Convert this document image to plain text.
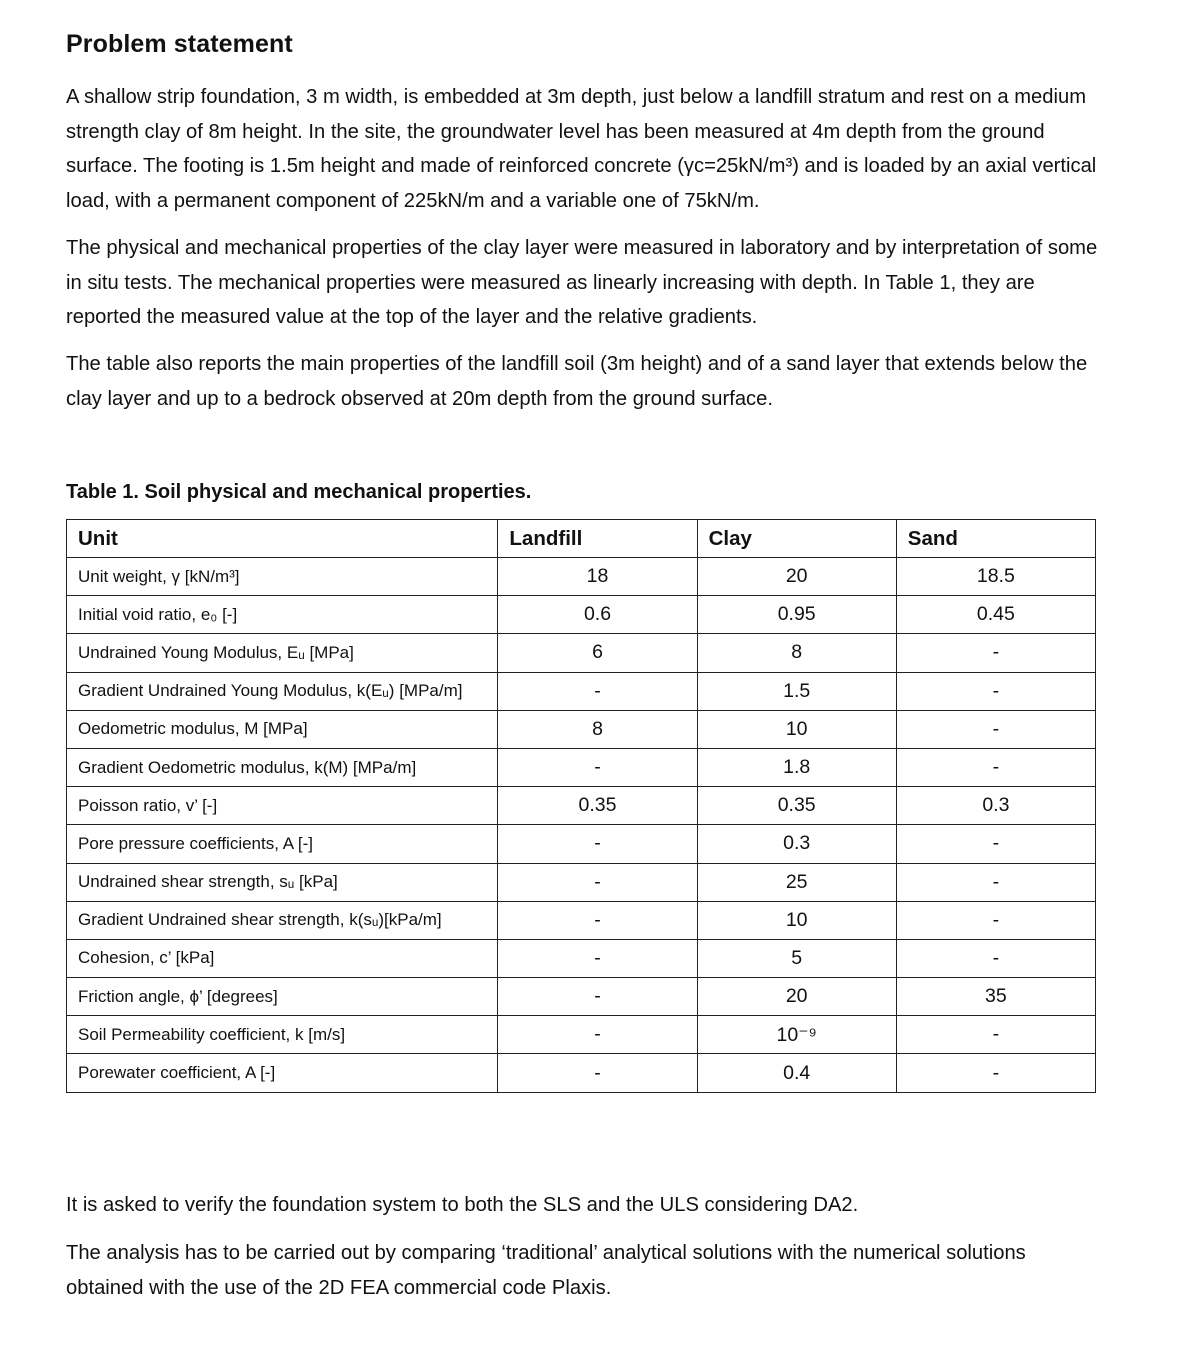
Problem statement

A shallow strip foundation, 3 m width, is embedded at 3m depth, just below a landfill stratum and rest on a medium strength clay of 8m height. In the site, the groundwater level has been measured at 4m depth from the ground surface. The footing is 1.5m height and made of reinforced concrete (γc=25kN/m³) and is loaded by an axial vertical load, with a permanent component of 225kN/m and a variable one of 75kN/m.

The physical and mechanical properties of the clay layer were measured in laboratory and by interpretation of some in situ tests. The mechanical properties were measured as linearly increasing with depth. In Table 1, they are reported the measured value at the top of the layer and the relative gradients.

The table also reports the main properties of the landfill soil (3m height) and of a sand layer that extends below the clay layer and up to a bedrock observed at 20m depth from the ground surface.

Table 1. Soil physical and mechanical properties.

Unit	Landfill	Clay	Sand
Unit weight, γ [kN/m³]	18	20	18.5
Initial void ratio, e₀ [-]	0.6	0.95	0.45
Undrained Young Modulus, Eᵤ [MPa]	6	8	-
Gradient Undrained Young Modulus, k(Eᵤ) [MPa/m]	-	1.5	-
Oedometric modulus, M [MPa]	8	10	-
Gradient Oedometric modulus, k(M) [MPa/m]	-	1.8	-
Poisson ratio, v’ [-]	0.35	0.35	0.3
Pore pressure coefficients, A [-]	-	0.3	-
Undrained shear strength, sᵤ [kPa]	-	25	-
Gradient Undrained shear strength, k(sᵤ)[kPa/m]	-	10	-
Cohesion, c’ [kPa]	-	5	-
Friction angle, ϕ’ [degrees]	-	20	35
Soil Permeability coefficient, k [m/s]	-	10⁻⁹	-
Porewater coefficient, A [-]	-	0.4	-

It is asked to verify the foundation system to both the SLS and the ULS considering DA2.

The analysis has to be carried out by comparing ‘traditional’ analytical solutions with the numerical solutions obtained with the use of the 2D FEA commercial code Plaxis.
